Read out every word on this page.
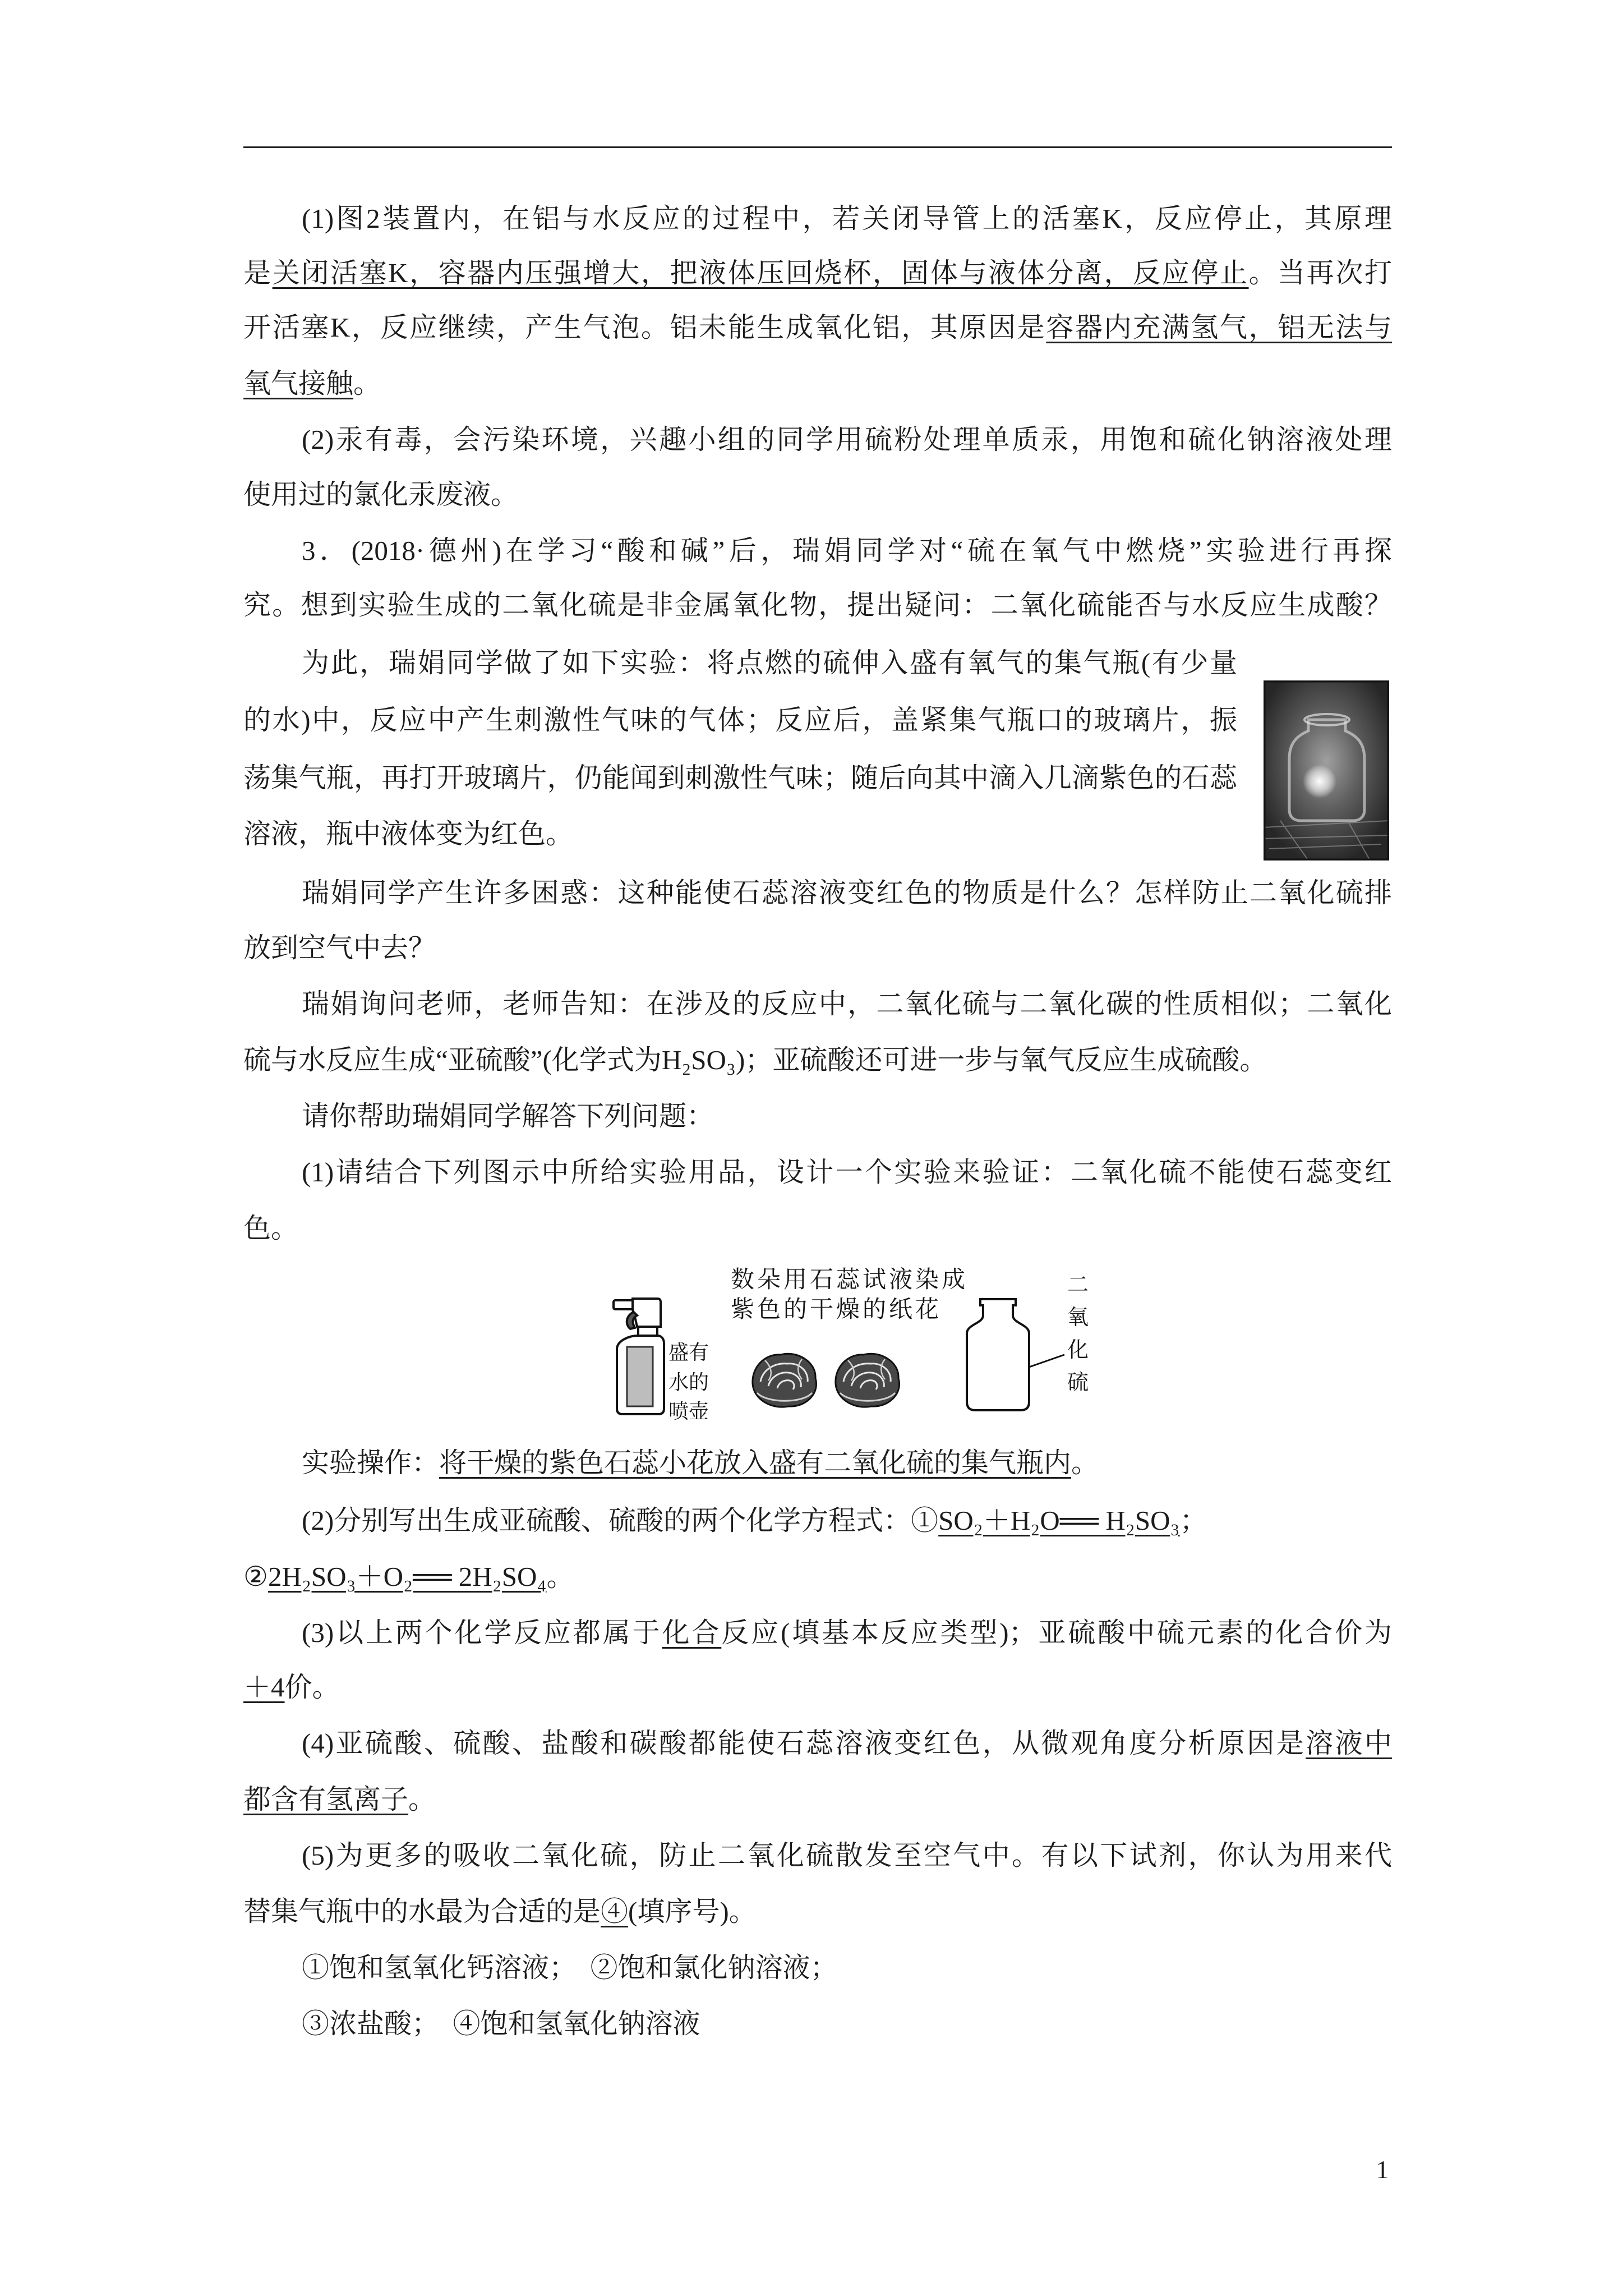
数朵用石蕊试液染成
紫色的干燥的纸花
盛有
水的
喷壶
二
氧
化
硫
1
(1)图2装置内，在铝与水反应的过程中，若关闭导管上的活塞K，反应停止，其原理
是关闭活塞K，容器内压强增大，把液体压回烧杯，固体与液体分离，反应停止。当再次打
开活塞K，反应继续，产生气泡。铝未能生成氧化铝，其原因是容器内充满氢气，铝无法与
氧气接触。
(2)汞有毒，会污染环境，兴趣小组的同学用硫粉处理单质汞，用饱和硫化钠溶液处理
使用过的氯化汞废液。
3．(2018·德州)在学习“酸和碱”后，瑞娟同学对“硫在氧气中燃烧”实验进行再探
究。想到实验生成的二氧化硫是非金属氧化物，提出疑问：二氧化硫能否与水反应生成酸？
为此，瑞娟同学做了如下实验：将点燃的硫伸入盛有氧气的集气瓶(有少量
的水)中，反应中产生刺激性气味的气体；反应后，盖紧集气瓶口的玻璃片，振
荡集气瓶，再打开玻璃片，仍能闻到刺激性气味；随后向其中滴入几滴紫色的石蕊
溶液，瓶中液体变为红色。
瑞娟同学产生许多困惑：这种能使石蕊溶液变红色的物质是什么？怎样防止二氧化硫排
放到空气中去？
瑞娟询问老师，老师告知：在涉及的反应中，二氧化硫与二氧化碳的性质相似；二氧化
硫与水反应生成“亚硫酸”(化学式为H₂SO₃)；亚硫酸还可进一步与氧气反应生成硫酸。
请你帮助瑞娟同学解答下列问题：
(1)请结合下列图示中所给实验用品，设计一个实验来验证：二氧化硫不能使石蕊变红
色。
实验操作：将干燥的紫色石蕊小花放入盛有二氧化硫的集气瓶内。
(2)分别写出生成亚硫酸、硫酸的两个化学方程式：①SO₂＋H₂O══ H₂SO₃；
②2H₂SO₃＋O₂══ 2H₂SO₄。
(3)以上两个化学反应都属于化合反应(填基本反应类型)；亚硫酸中硫元素的化合价为
＋4价。
(4)亚硫酸、硫酸、盐酸和碳酸都能使石蕊溶液变红色，从微观角度分析原因是溶液中
都含有氢离子。
(5)为更多的吸收二氧化硫，防止二氧化硫散发至空气中。有以下试剂，你认为用来代
替集气瓶中的水最为合适的是④(填序号)。
①饱和氢氧化钙溶液；　②饱和氯化钠溶液；
③浓盐酸；　④饱和氢氧化钠溶液
